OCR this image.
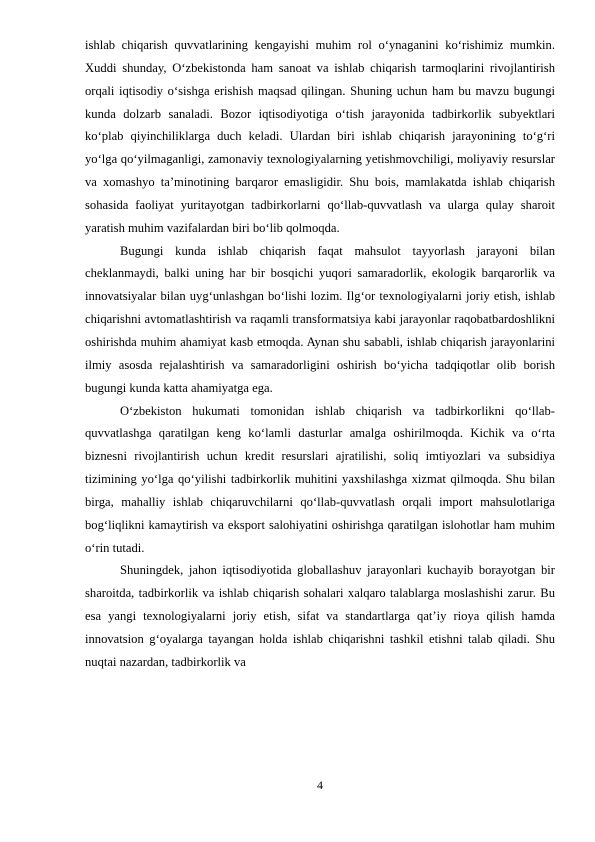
ishlab chiqarish quvvatlarining kengayishi muhim rol o‘ynaganini ko‘rishimiz mumkin. Xuddi shunday, O‘zbekistonda ham sanoat va ishlab chiqarish tarmoqlarini rivojlantirish orqali iqtisodiy o‘sishga erishish maqsad qilingan. Shuning uchun ham bu mavzu bugungi kunda dolzarb sanaladi. Bozor iqtisodiyotiga o‘tish jarayonida tadbirkorlik subyektlari ko‘plab qiyinchiliklarga duch keladi. Ulardan biri ishlab chiqarish jarayonining to‘g‘ri yo‘lga qo‘yilmaganligi, zamonaviy texnologiyalarning yetishmovchiligi, moliyaviy resurslar va xomashyo ta’minotining barqaror emasligidir. Shu bois, mamlakatda ishlab chiqarish sohasida faoliyat yuritayotgan tadbirkorlarni qo‘llab-quvvatlash va ularga qulay sharoit yaratish muhim vazifalardan biri bo‘lib qolmoqda.

Bugungi kunda ishlab chiqarish faqat mahsulot tayyorlash jarayoni bilan cheklanmaydi, balki uning har bir bosqichi yuqori samaradorlik, ekologik barqarorlik va innovatsiyalar bilan uyg‘unlashgan bo‘lishi lozim. Ilg‘or texnologiyalarni joriy etish, ishlab chiqarishni avtomatlashtirish va raqamli transformatsiya kabi jarayonlar raqobatbardoshlikni oshirishda muhim ahamiyat kasb etmoqda. Aynan shu sababli, ishlab chiqarish jarayonlarini ilmiy asosda rejalashtirish va samaradorligini oshirish bo‘yicha tadqiqotlar olib borish bugungi kunda katta ahamiyatga ega.

O‘zbekiston hukumati tomonidan ishlab chiqarish va tadbirkorlikni qo‘llab-quvvatlashga qaratilgan keng ko‘lamli dasturlar amalga oshirilmoqda. Kichik va o‘rta biznesni rivojlantirish uchun kredit resurslari ajratilishi, soliq imtiyozlari va subsidiya tizimining yo‘lga qo‘yilishi tadbirkorlik muhitini yaxshilashga xizmat qilmoqda. Shu bilan birga, mahalliy ishlab chiqaruvchilarni qo‘llab-quvvatlash orqali import mahsulotlariga bog‘liqlikni kamaytirish va eksport salohiyatini oshirishga qaratilgan islohotlar ham muhim o‘rin tutadi.

Shuningdek, jahon iqtisodiyotida globallashuv jarayonlari kuchayib borayotgan bir sharoitda, tadbirkorlik va ishlab chiqarish sohalari xalqaro talablarga moslashishi zarur. Bu esa yangi texnologiyalarni joriy etish, sifat va standartlarga qat’iy rioya qilish hamda innovatsion g‘oyalarga tayangan holda ishlab chiqarishni tashkil etishni talab qiladi. Shu nuqtai nazardan, tadbirkorlik va

4
